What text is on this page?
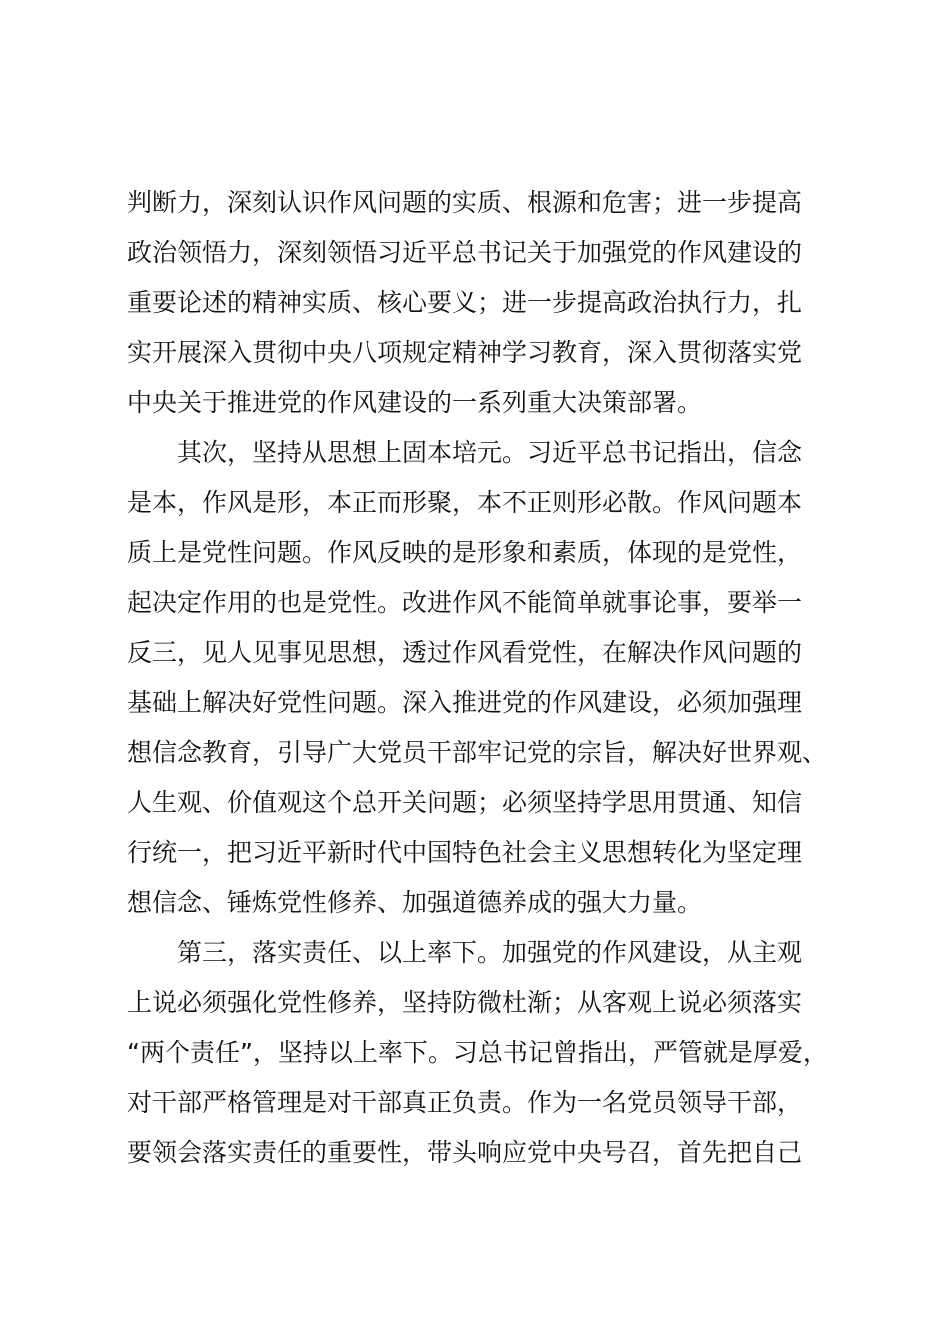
判断力，深刻认识作风问题的实质、根源和危害；进一步提高
政治领悟力，深刻领悟习近平总书记关于加强党的作风建设的
重要论述的精神实质、核心要义；进一步提高政治执行力，扎
实开展深入贯彻中央八项规定精神学习教育，深入贯彻落实党
中央关于推进党的作风建设的一系列重大决策部署。
其次，坚持从思想上固本培元。习近平总书记指出，信念
是本，作风是形，本正而形聚，本不正则形必散。作风问题本
质上是党性问题。作风反映的是形象和素质，体现的是党性，
起决定作用的也是党性。改进作风不能简单就事论事，要举一
反三，见人见事见思想，透过作风看党性，在解决作风问题的
基础上解决好党性问题。深入推进党的作风建设，必须加强理
想信念教育，引导广大党员干部牢记党的宗旨，解决好世界观、
人生观、价值观这个总开关问题；必须坚持学思用贯通、知信
行统一，把习近平新时代中国特色社会主义思想转化为坚定理
想信念、锤炼党性修养、加强道德养成的强大力量。
第三，落实责任、以上率下。加强党的作风建设，从主观
上说必须强化党性修养，坚持防微杜渐；从客观上说必须落实
“两个责任”，坚持以上率下。习总书记曾指出，严管就是厚爱，
对干部严格管理是对干部真正负责。作为一名党员领导干部，
要领会落实责任的重要性，带头响应党中央号召，首先把自己
